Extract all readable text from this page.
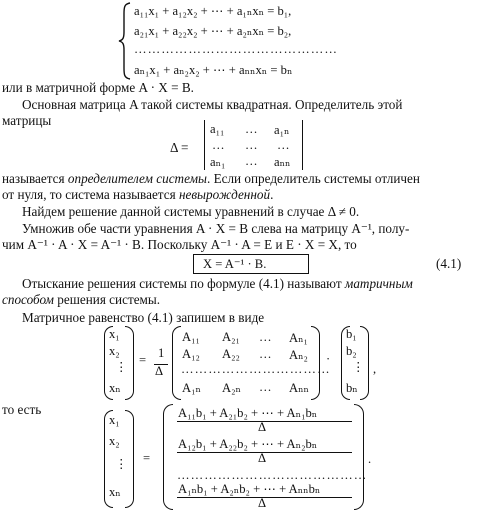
a₁₁x₁ + a₁₂x₂ + ⋯ + a₁ₙxₙ = b₁,
a₂₁x₁ + a₂₂x₂ + ⋯ + a₂ₙxₙ = b₂,
………………………………………
aₙ₁x₁ + aₙ₂x₂ + ⋯ + aₙₙxₙ = bₙ
или в матричной форме A · X = B.
Основная матрица A такой системы квадратная. Определитель этой
матрицы
Δ =
a₁₁ … a₁ₙ
… … …
aₙ₁ … aₙₙ
называется определителем системы. Если определитель системы отличен
от нуля, то система называется невырожденной.
Найдем решение данной системы уравнений в случае Δ ≠ 0.
Умножив обе части уравнения A · X = B слева на матрицу A⁻¹, полу-
чим A⁻¹ · A · X = A⁻¹ · B. Поскольку A⁻¹ · A = E и E · X = X, то
X = A⁻¹ · B.	(4.1)
Отыскание решения системы по формуле (4.1) называют матричным
способом решения системы.
Матричное равенство (4.1) запишем в виде
x₁
x₂
⋮
xₙ
= 1
Δ
A₁₁ A₂₁ … Aₙ₁
A₁₂ A₂₂ … Aₙ₂
……………………………
A₁ₙ A₂ₙ … Aₙₙ
·
b₁
b₂
⋮
bₙ
,
то есть
x₁
x₂
⋮
xₙ
=
A₁₁b₁ + A₂₁b₂ + ⋯ + Aₙ₁bₙ
Δ
A₁₂b₁ + A₂₂b₂ + ⋯ + Aₙ₂bₙ
Δ
……………………………………
A₁ₙb₁ + A₂ₙb₂ + ⋯ + Aₙₙbₙ
Δ
.
